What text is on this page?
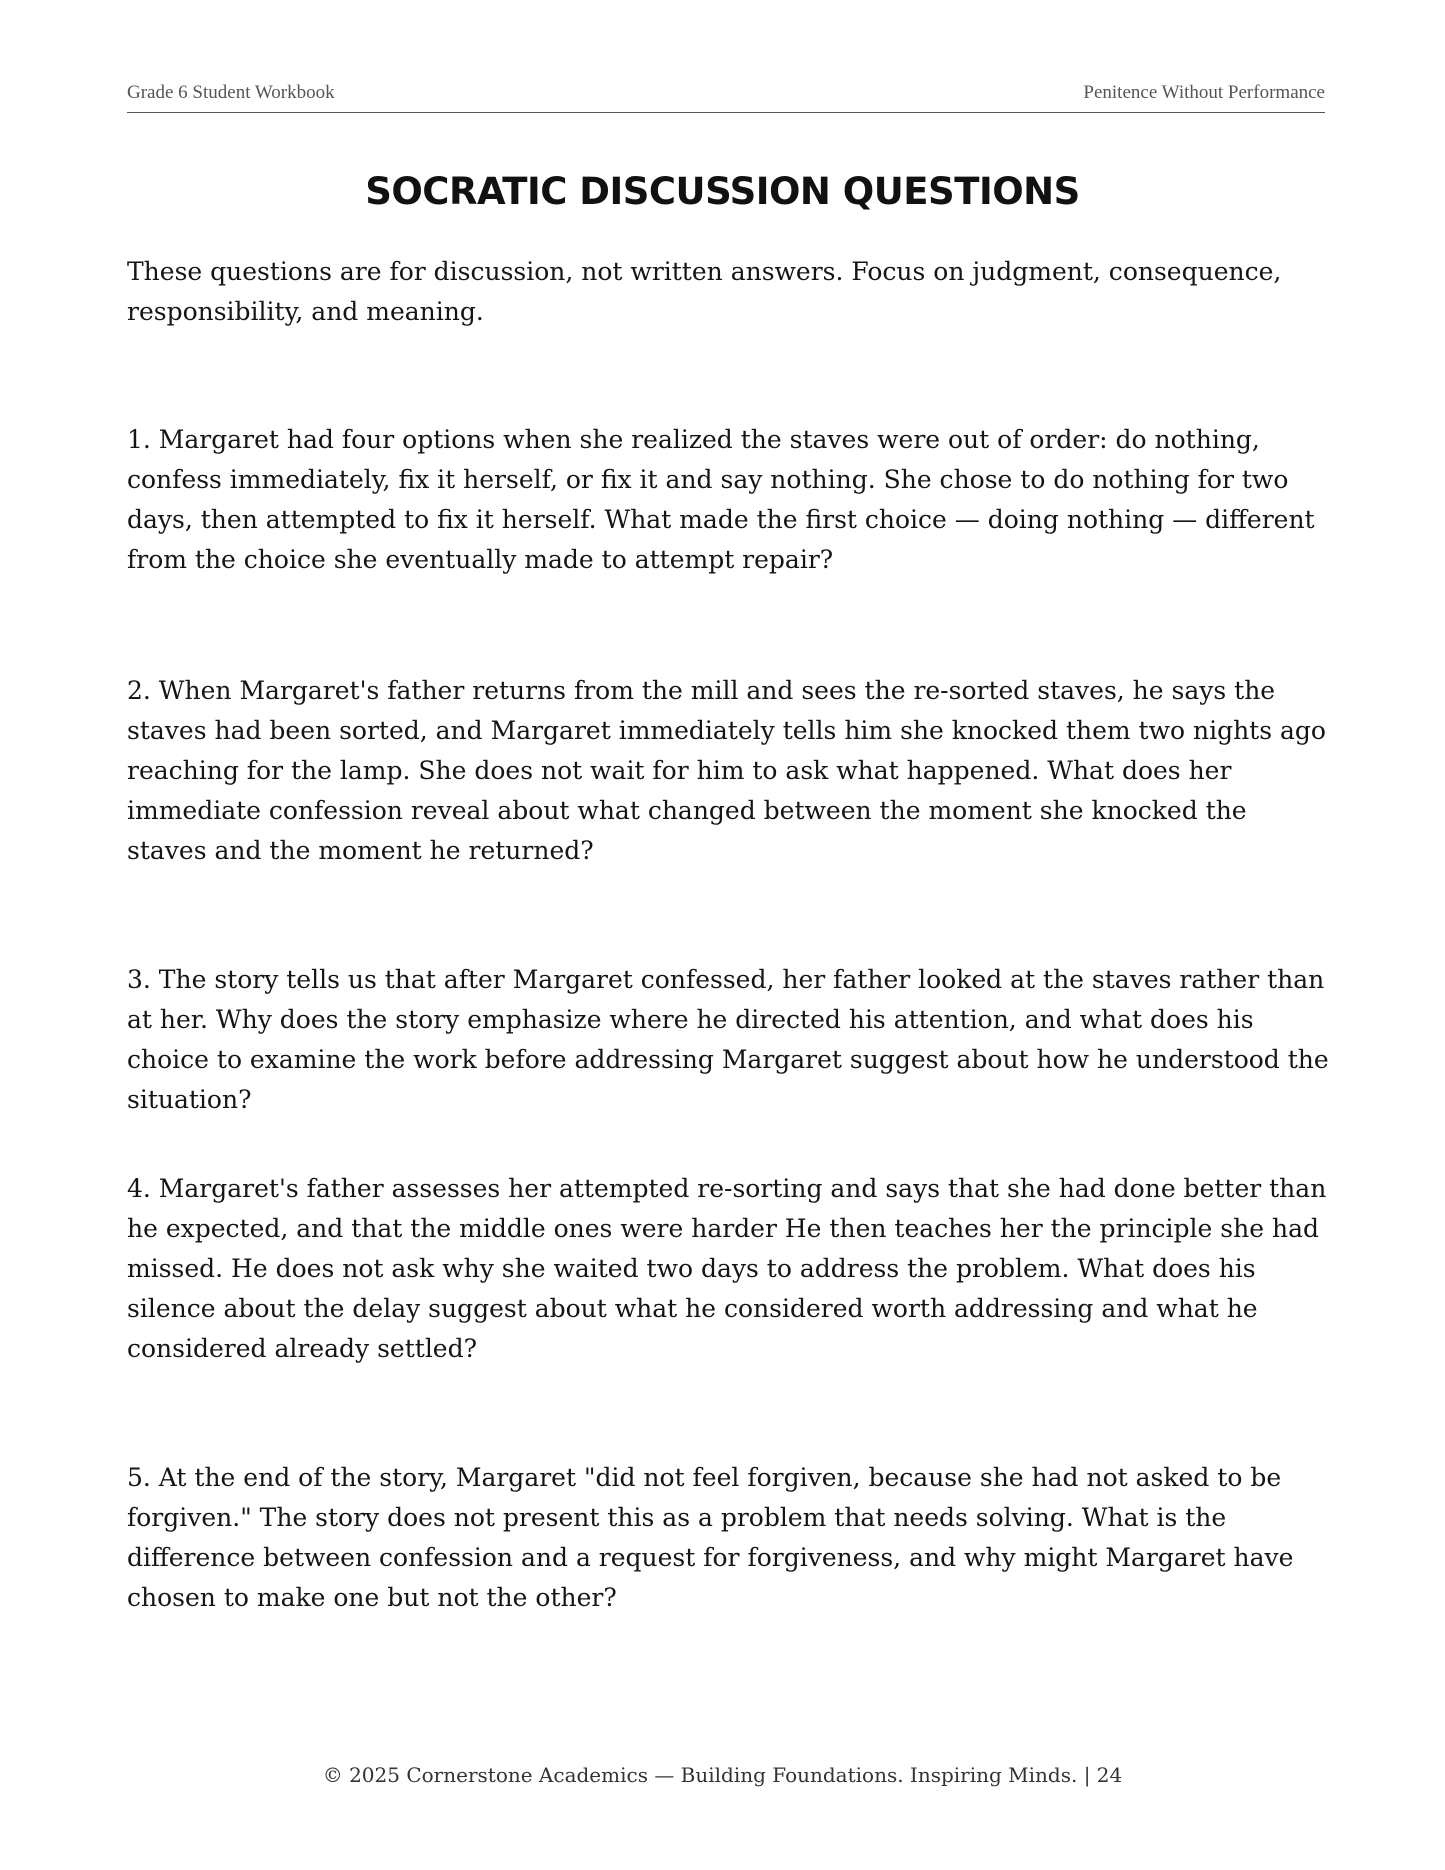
Grade 6 Student Workbook	Penitence Without Performance
SOCRATIC DISCUSSION QUESTIONS

These questions are for discussion, not written answers. Focus on judgment, consequence, responsibility, and meaning.

1. Margaret had four options when she realized the staves were out of order: do nothing, confess immediately, fix it herself, or fix it and say nothing. She chose to do nothing for two days, then attempted to fix it herself. What made the first choice — doing nothing — different from the choice she eventually made to attempt repair?

2. When Margaret's father returns from the mill and sees the re-sorted staves, he says the staves had been sorted, and Margaret immediately tells him she knocked them two nights ago reaching for the lamp. She does not wait for him to ask what happened. What does her immediate confession reveal about what changed between the moment she knocked the staves and the moment he returned?

3. The story tells us that after Margaret confessed, her father looked at the staves rather than at her. Why does the story emphasize where he directed his attention, and what does his choice to examine the work before addressing Margaret suggest about how he understood the situation?

4. Margaret's father assesses her attempted re-sorting and says that she had done better than he expected, and that the middle ones were harder He then teaches her the principle she had missed. He does not ask why she waited two days to address the problem. What does his silence about the delay suggest about what he considered worth addressing and what he considered already settled?

5. At the end of the story, Margaret "did not feel forgiven, because she had not asked to be forgiven." The story does not present this as a problem that needs solving. What is the difference between confession and a request for forgiveness, and why might Margaret have chosen to make one but not the other?

© 2025 Cornerstone Academics — Building Foundations. Inspiring Minds. | 24
